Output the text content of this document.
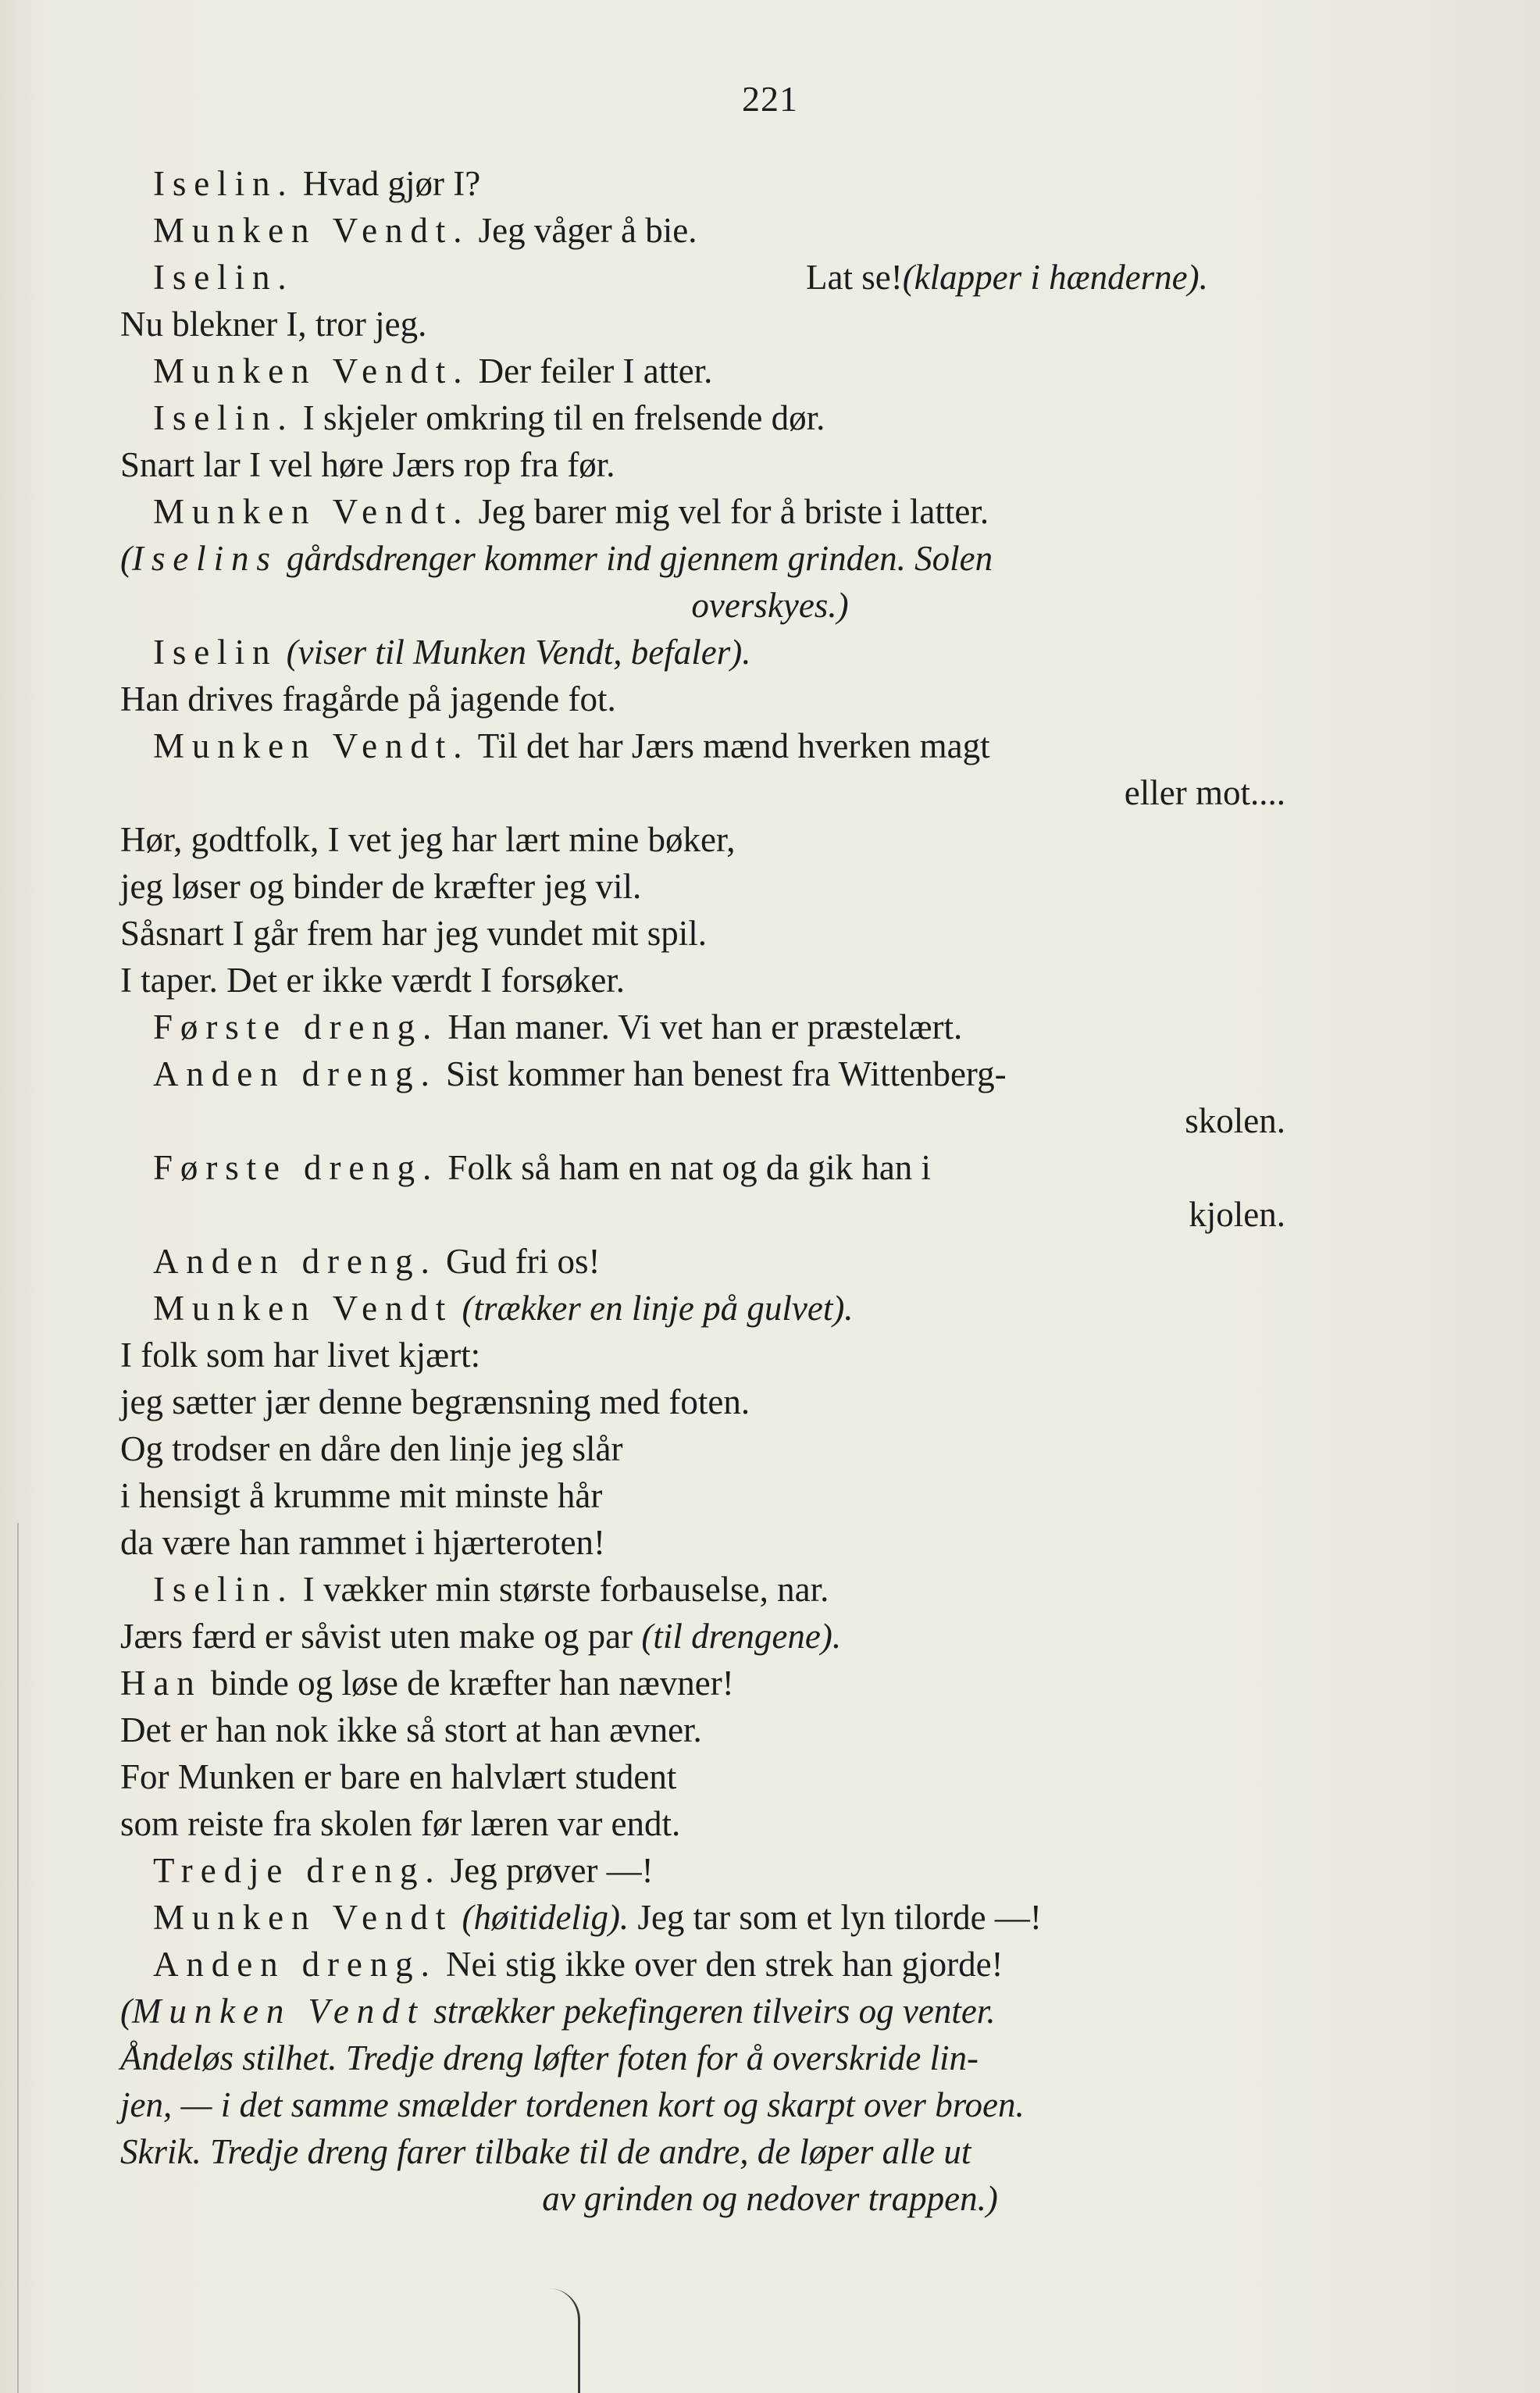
221
Iselin. Hvad gjør I?
Munken Vendt. Jeg våger å bie.
Iselin.	Lat se!(klapper i hænderne).
Nu blekner I, tror jeg.
Munken Vendt. Der feiler I atter.
Iselin. I skjeler omkring til en frelsende dør.
Snart lar I vel høre Jærs rop fra før.
Munken Vendt. Jeg barer mig vel for å briste i latter.
(Iselins gårdsdrenger kommer ind gjennem grinden. Solen
overskyes.)
Iselin (viser til Munken Vendt, befaler).
Han drives fragårde på jagende fot.
Munken Vendt. Til det har Jærs mænd hverken magt
eller mot....
Hør, godtfolk, I vet jeg har lært mine bøker,
jeg løser og binder de kræfter jeg vil.
Såsnart I går frem har jeg vundet mit spil.
I taper. Det er ikke værdt I forsøker.
Første dreng. Han maner. Vi vet han er præstelært.
Anden dreng. Sist kommer han benest fra Wittenberg-
skolen.
Første dreng. Folk så ham en nat og da gik han i
kjolen.
Anden dreng. Gud fri os!
Munken Vendt (trækker en linje på gulvet).
I folk som har livet kjært:
jeg sætter jær denne begrænsning med foten.
Og trodser en dåre den linje jeg slår
i hensigt å krumme mit minste hår
da være han rammet i hjærteroten!
Iselin. I vækker min største forbauselse, nar.
Jærs færd er såvist uten make og par (til drengene).
Han binde og løse de kræfter han nævner!
Det er han nok ikke så stort at han ævner.
For Munken er bare en halvlært student
som reiste fra skolen før læren var endt.
Tredje dreng. Jeg prøver —!
Munken Vendt (høitidelig). Jeg tar som et lyn tilorde —!
Anden dreng. Nei stig ikke over den strek han gjorde!
(Munken Vendt strækker pekefingeren tilveirs og venter.
Åndeløs stilhet. Tredje dreng løfter foten for å overskride lin-
jen, — i det samme smælder tordenen kort og skarpt over broen.
Skrik. Tredje dreng farer tilbake til de andre, de løper alle ut
av grinden og nedover trappen.)
